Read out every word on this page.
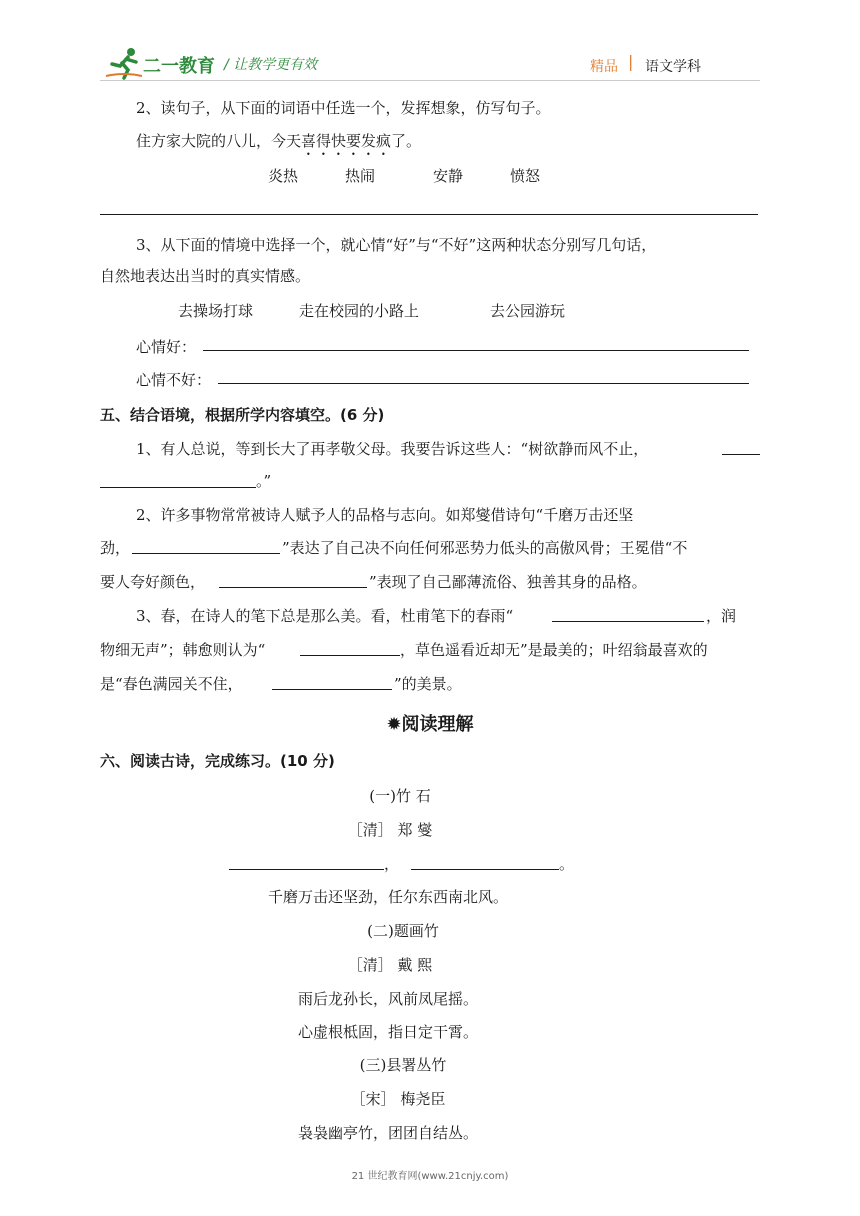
二一教育 / 让教学更有效	精品 | 语文学科
2、读句子，从下面的词语中任选一个，发挥想象，仿写句子。
住方家大院的八儿，今天喜得快要发疯了。
炎热	热闹	安静	愤怒
3、从下面的情境中选择一个，就心情“好”与“不好”这两种状态分别写几句话，
自然地表达出当时的真实情感。
去操场打球	走在校园的小路上	去公园游玩
心情好：
心情不好：
五、结合语境，根据所学内容填空。(6 分)
1、有人总说，等到长大了再孝敬父母。我要告诉这些人：“树欲静而风不止，
。”
2、许多事物常常被诗人赋予人的品格与志向。如郑燮借诗句“千磨万击还坚
劲，	”表达了自己决不向任何邪恶势力低头的高傲风骨；王冕借“不
要人夸好颜色，	”表现了自己鄙薄流俗、独善其身的品格。
3、春，在诗人的笔下总是那么美。看，杜甫笔下的春雨“	，润
物细无声”；韩愈则认为“	，草色遥看近却无”是最美的；叶绍翁最喜欢的
是“春色满园关不住，	”的美景。
✹阅读理解
六、阅读古诗，完成练习。(10 分)
(一)竹 石
［清］ 郑 燮
，	。
千磨万击还坚劲，任尔东西南北风。
(二)题画竹
［清］ 戴 熙
雨后龙孙长，风前凤尾摇。
心虚根柢固，指日定干霄。
(三)县署丛竹
［宋］ 梅尧臣
袅袅幽亭竹，团团自结丛。
21 世纪教育网(www.21cnjy.com)
